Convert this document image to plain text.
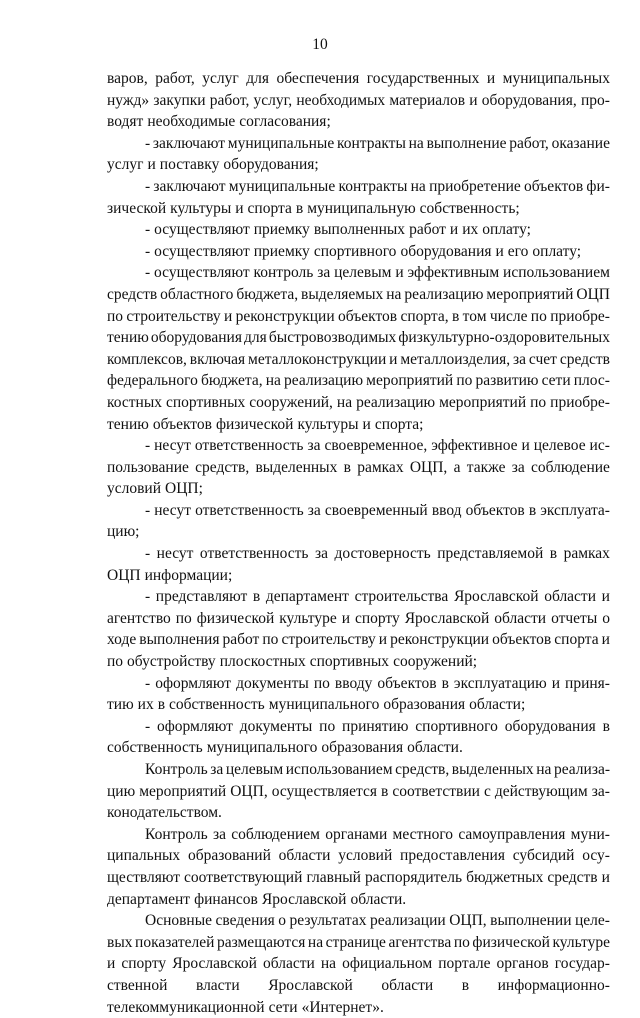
10
варов, работ, услуг для обеспечения государственных и муниципальных
нужд» закупки работ, услуг, необходимых материалов и оборудования, про-
водят необходимые согласования;
- заключают муниципальные контракты на выполнение работ, оказание
услуг и поставку оборудования;
- заключают муниципальные контракты на приобретение объектов фи-
зической культуры и спорта в муниципальную собственность;
- осуществляют приемку выполненных работ и их оплату;
- осуществляют приемку спортивного оборудования и его оплату;
- осуществляют контроль за целевым и эффективным использованием
средств областного бюджета, выделяемых на реализацию мероприятий ОЦП
по строительству и реконструкции объектов спорта, в том числе по приобре-
тению оборудования для быстровозводимых физкультурно-оздоровительных
комплексов, включая металлоконструкции и металлоизделия, за счет средств
федерального бюджета, на реализацию мероприятий по развитию сети плос-
костных спортивных сооружений, на реализацию мероприятий по приобре-
тению объектов физической культуры и спорта;
- несут ответственность за своевременное, эффективное и целевое ис-
пользование средств, выделенных в рамках ОЦП, а также за соблюдение
условий ОЦП;
- несут ответственность за своевременный ввод объектов в эксплуата-
цию;
- несут ответственность за достоверность представляемой в рамках
ОЦП информации;
- представляют в департамент строительства Ярославской области и
агентство по физической культуре и спорту Ярославской области отчеты о
ходе выполнения работ по строительству и реконструкции объектов спорта и
по обустройству плоскостных спортивных сооружений;
- оформляют документы по вводу объектов в эксплуатацию и приня-
тию их в собственность муниципального образования области;
- оформляют документы по принятию спортивного оборудования в
собственность муниципального образования области.
Контроль за целевым использованием средств, выделенных на реализа-
цию мероприятий ОЦП, осуществляется в соответствии с действующим за-
конодательством.
Контроль за соблюдением органами местного самоуправления муни-
ципальных образований области условий предоставления субсидий осу-
ществляют соответствующий главный распорядитель бюджетных средств и
департамент финансов Ярославской области.
Основные сведения о результатах реализации ОЦП, выполнении целе-
вых показателей размещаются на странице агентства по физической культуре
и спорту Ярославской области на официальном портале органов государ-
ственной власти Ярославской области в информационно-
телекоммуникационной сети «Интернет».
